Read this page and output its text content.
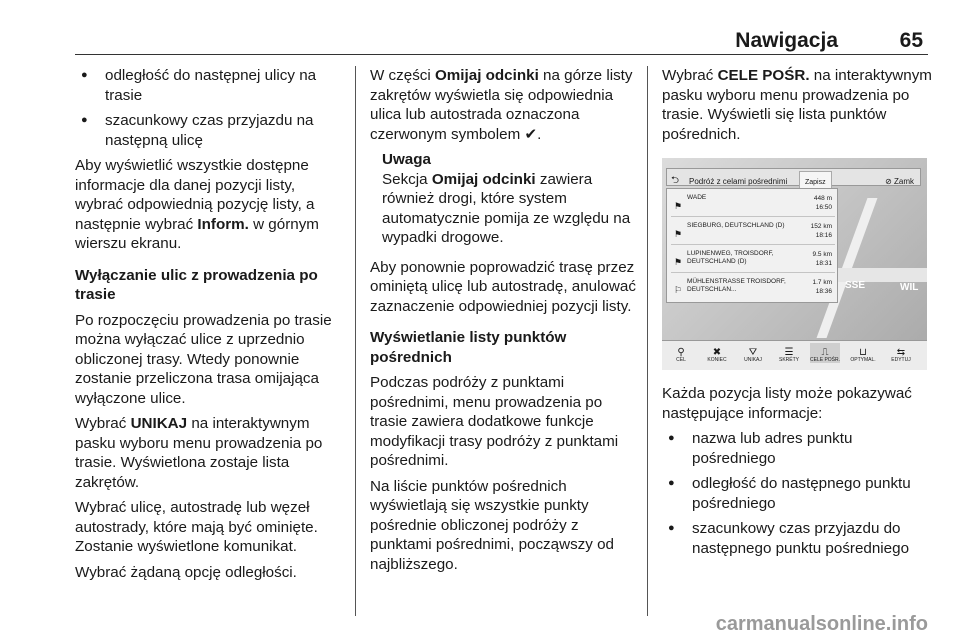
Nawigacja	65
● odległość do następnej ulicy na trasie
● szacunkowy czas przyjazdu na następną ulicę

Aby wyświetlić wszystkie dostępne informacje dla danej pozycji listy, wybrać odpowiednią pozycję listy, a następnie wybrać Inform. w górnym wierszu ekranu.

Wyłączanie ulic z prowadzenia po trasie

Po rozpoczęciu prowadzenia po trasie można wyłączać ulice z uprzednio obliczonej trasy. Wtedy ponownie zostanie przeliczona trasa omijająca wyłączone ulice.

Wybrać UNIKAJ na interaktywnym pasku wyboru menu prowadzenia po trasie. Wyświetlona zostaje lista zakrętów.

Wybrać ulicę, autostradę lub węzeł autostrady, które mają być ominięte. Zostanie wyświetlone komunikat.

Wybrać żądaną opcję odległości.

W części Omijaj odcinki na górze listy zakrętów wyświetla się odpowiednia ulica lub autostrada oznaczona czerwonym symbolem ✔.

Uwaga
Sekcja Omijaj odcinki zawiera również drogi, które system automatycznie pomija ze względu na wypadki drogowe.

Aby ponownie poprowadzić trasę przez ominiętą ulicę lub autostradę, anulować zaznaczenie odpowiedniej pozycji listy.

Wyświetlanie listy punktów pośrednich

Podczas podróży z punktami pośrednimi, menu prowadzenia po trasie zawiera dodatkowe funkcje modyfikacji trasy podróży z punktami pośrednimi.

Na liście punktów pośrednich wyświetlają się wszystkie punkty pośrednie obliczonej podróży z punktami pośrednimi, począwszy od najbliższego.

Wybrać CELE POŚR. na interaktywnym pasku wyboru menu prowadzenia po trasie. Wyświetli się lista punktów pośrednich.

SSE	WIL
⮌ Podróż z celami pośrednimi	Zapisz	⊘ Zamk
⚑
WADE	448 m
16:50
⚑
SIEGBURG, DEUTSCHLAND (D)	152 km
18:16
⚑
LUPINENWEG, TROISDORF, DEUTSCHLAND (D)
9.5 km
18:31
⚐
MÜHLENSTRASSE TROISDORF, DEUTSCHLAN...
1.7 km
18:36
⚲
CEL
✖
KONIEC
⛛
UNIKAJ
☰
SKRÉTY
⎍
CELE POŚR.
⊔
OPTYMAL.
⇆
EDYTUJ

Każda pozycja listy może pokazywać następujące informacje:

● nazwa lub adres punktu pośredniego
● odległość do następnego punktu pośredniego
● szacunkowy czas przyjazdu do następnego punktu pośredniego
carmanualsonline.info
